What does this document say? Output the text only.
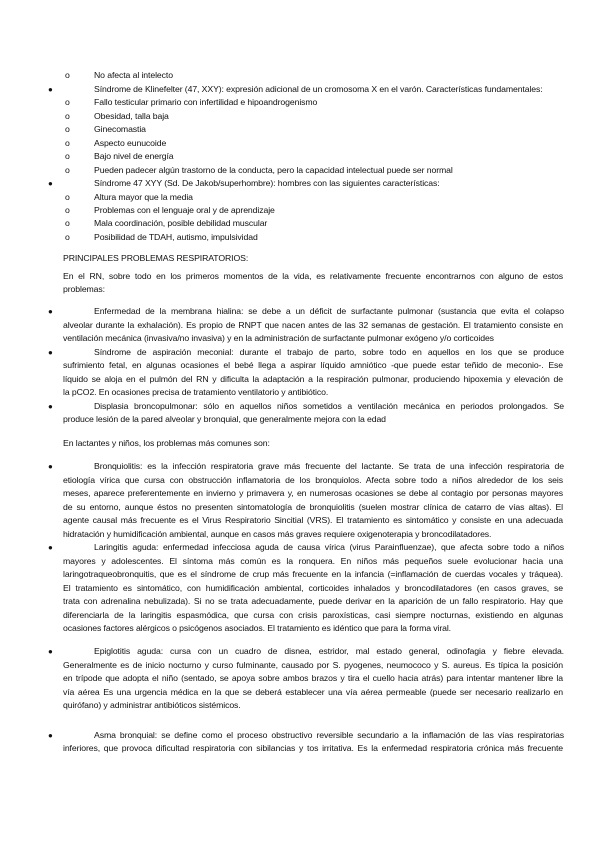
o	No afecta al intelecto

●	Síndrome de Klinefelter (47, XXY): expresión adicional de un cromosoma X en el varón. Características fundamentales:

o	Fallo testicular primario con infertilidad e hipoandrogenismo

o	Obesidad, talla baja

o	Ginecomastia

o	Aspecto eunucoide

o	Bajo nivel de energía

o	Pueden padecer algún trastorno de la conducta, pero la capacidad intelectual puede ser normal

●	Síndrome 47 XYY (Sd. De Jakob/superhombre): hombres con las siguientes características:

o	Altura mayor que la media

o	Problemas con el lenguaje oral y de aprendizaje

o	Mala coordinación, posible debilidad muscular

o	Posibilidad de TDAH, autismo, impulsividad

PRINCIPALES PROBLEMAS RESPIRATORIOS:

En el RN, sobre todo en los primeros momentos de la vida, es relativamente frecuente encontrarnos con alguno de estos

problemas:

●	Enfermedad de la membrana hialina: se debe a un déficit de surfactante pulmonar (sustancia que evita el colapso

alveolar durante la exhalación). Es propio de RNPT que nacen antes de las 32 semanas de gestación. El tratamiento consiste en

ventilación mecánica (invasiva/no invasiva) y en la administración de surfactante pulmonar exógeno y/o corticoides

●	Síndrome de aspiración meconial: durante el trabajo de parto, sobre todo en aquellos en los que se produce

sufrimiento fetal, en algunas ocasiones el bebé llega a aspirar líquido amniótico -que puede estar teñido de meconio-. Ese

líquido se aloja en el pulmón del RN y dificulta la adaptación a la respiración pulmonar, produciendo hipoxemia y elevación de

la pCO2. En ocasiones precisa de tratamiento ventilatorio y antibiótico.

●	Displasia broncopulmonar: sólo en aquellos niños sometidos a ventilación mecánica en periodos prolongados. Se

produce lesión de la pared alveolar y bronquial, que generalmente mejora con la edad

En lactantes y niños, los problemas más comunes son:

●	Bronquiolitis: es la infección respiratoria grave más frecuente del lactante. Se trata de una infección respiratoria de

etiología vírica que cursa con obstrucción inflamatoria de los bronquiolos. Afecta sobre todo a niños alrededor de los seis

meses, aparece preferentemente en invierno y primavera y, en numerosas ocasiones se debe al contagio por personas mayores

de su entorno, aunque éstos no presenten sintomatología de bronquiolitis (suelen mostrar clínica de catarro de vías altas). El

agente causal más frecuente es el Virus Respiratorio Sincitial (VRS). El tratamiento es sintomático y consiste en una adecuada

hidratación y humidificación ambiental, aunque en casos más graves requiere oxigenoterapia y broncodilatadores.

●	Laringitis aguda: enfermedad infecciosa aguda de causa vírica (virus Parainfluenzae), que afecta sobre todo a niños

mayores y adolescentes. El síntoma más común es la ronquera. En niños más pequeños suele evolucionar hacia una

laringotraqueobronquitis, que es el síndrome de crup más frecuente en la infancia (=inflamación de cuerdas vocales y tráquea).

El tratamiento es sintomático, con humidificación ambiental, corticoides inhalados y broncodilatadores (en casos graves, se

trata con adrenalina nebulizada). Si no se trata adecuadamente, puede derivar en la aparición de un fallo respiratorio. Hay que

diferenciarla de la laringitis espasmódica, que cursa con crisis paroxísticas, casi siempre nocturnas, existiendo en algunas

ocasiones factores alérgicos o psicógenos asociados. El tratamiento es idéntico que para la forma viral.

●	Epiglotitis aguda: cursa con un cuadro de disnea, estridor, mal estado general, odinofagia y fiebre elevada.

Generalmente es de inicio nocturno y curso fulminante, causado por S. pyogenes, neumococo y S. aureus. Es típica la posición

en trípode que adopta el niño (sentado, se apoya sobre ambos brazos y tira el cuello hacia atrás) para intentar mantener libre la

vía aérea Es una urgencia médica en la que se deberá establecer una vía aérea permeable (puede ser necesario realizarlo en

quirófano) y administrar antibióticos sistémicos.

●	Asma bronquial: se define como el proceso obstructivo reversible secundario a la inflamación de las vías respiratorias

inferiores, que provoca dificultad respiratoria con sibilancias y tos irritativa. Es la enfermedad respiratoria crónica más frecuente
